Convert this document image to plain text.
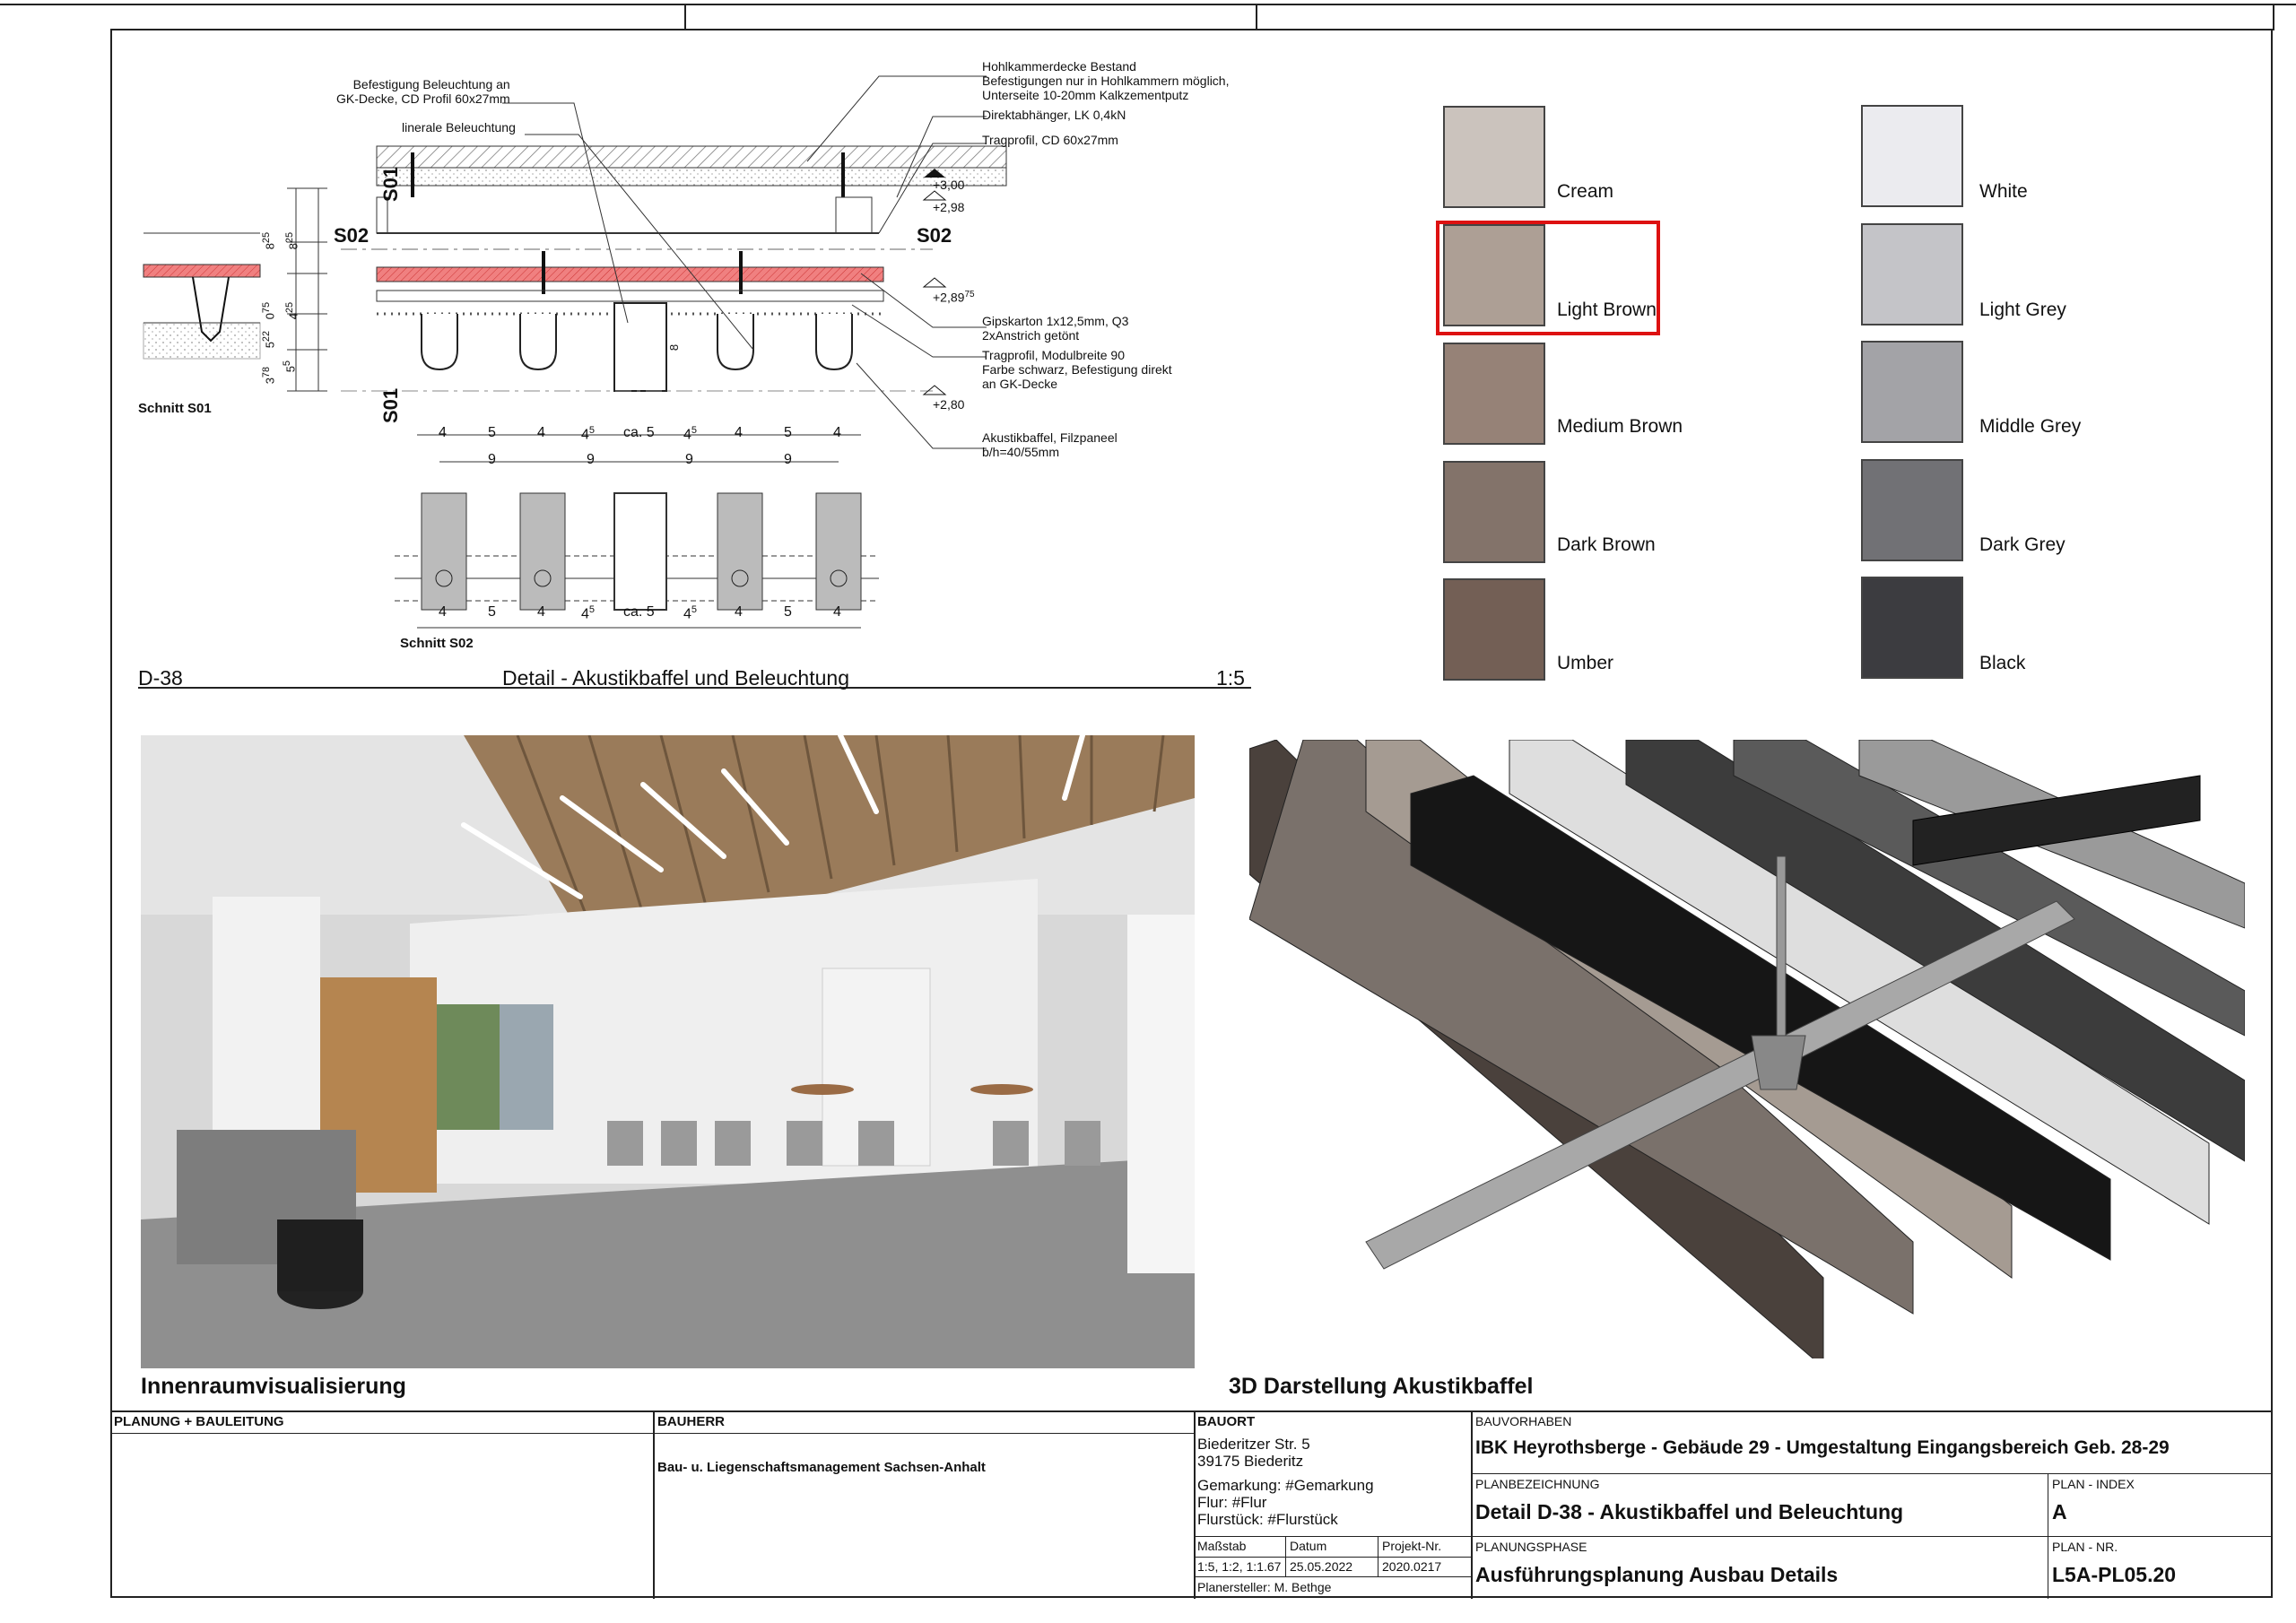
Befestigung Beleuchtung an
GK-Decke, CD Profil 60x27mm
linerale Beleuchtung
Hohlkammerdecke Bestand
Befestigungen nur in Hohlkammern möglich,
Unterseite 10-20mm Kalkzementputz
Direktabhänger, LK 0,4kN
Tragprofil, CD 60x27mm
Gipskarton 1x12,5mm, Q3
2xAnstrich getönt
Tragprofil, Modulbreite 90
Farbe schwarz, Befestigung direkt
an GK-Decke
Akustikbaffel, Filzpaneel
b/h=40/55mm
+3,00
+2,98
$+2,89^{75}$
+2,80
S02	S02
S01
S01
$8^{25}$
$8^{25}$
$4^{25}$
$0^{75}$
$5^{22}$
$3^{78}$	$5^5$
8
4	5	4	$4^5$ ca. 5 $4^5$	4	5	4
9	9	9	9
4	5	4	$4^5$ ca. 5 $4^5$	4	5	4
Schnitt S01
Schnitt S02
D-38	Detail - Akustikbaffel und Beleuchtung	1:5
Cream
Light Brown
Medium Brown
Dark Brown
Umber
White
Light Grey
Middle Grey
Dark Grey
Black
Innenraumvisualisierung	3D Darstellung Akustikbaffel
PLANUNG + BAULEITUNG	BAUHERR
Bau- u. Liegenschaftsmanagement Sachsen-Anhalt
BAUORT
Biederitzer Str. 5
39175 Biederitz
Gemarkung: #Gemarkung
Flur: #Flur
Flurstück: #Flurstück
Maßstab
1:5, 1:2, 1:1.67
Datum
25.05.2022
Projekt-Nr.
2020.0217
Planersteller: M. Bethge
BAUVORHABEN
IBK Heyrothsberge - Gebäude 29 - Umgestaltung Eingangsbereich Geb. 28-29
PLANBEZEICHNUNG
Detail D-38 - Akustikbaffel und Beleuchtung
PLAN - INDEX
A
PLANUNGSPHASE
Ausführungsplanung Ausbau Details
PLAN - NR.
L5A-PL05.20
